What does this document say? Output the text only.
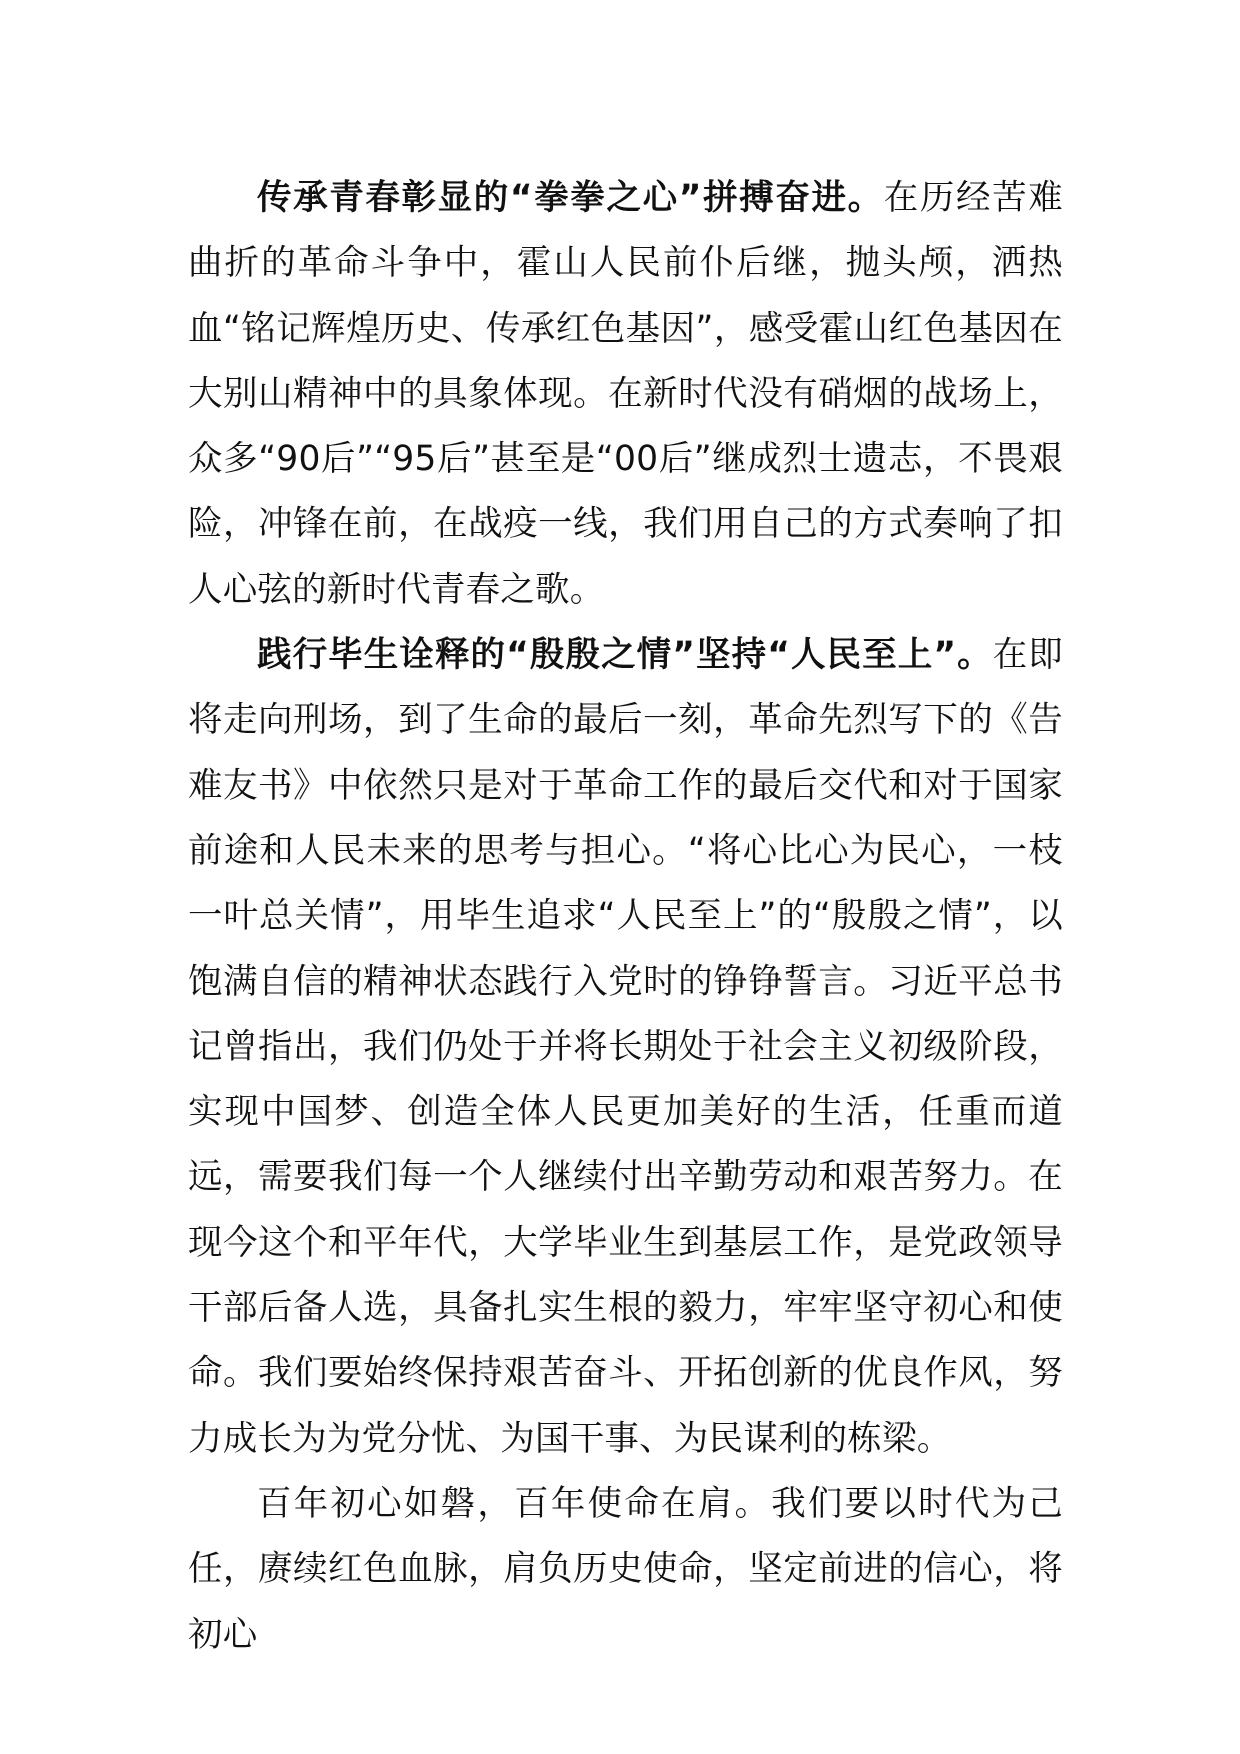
传承青春彰显的“拳拳之心”拼搏奋进。在历经苦难曲折的革命斗争中，霍山人民前仆后继，抛头颅，洒热血“铭记辉煌历史、传承红色基因”，感受霍山红色基因在大别山精神中的具象体现。在新时代没有硝烟的战场上，众多“90后”“95后”甚至是“00后”继成烈士遗志，不畏艰险，冲锋在前，在战疫一线，我们用自己的方式奏响了扣人心弦的新时代青春之歌。

践行毕生诠释的“殷殷之情”坚持“人民至上”。在即将走向刑场，到了生命的最后一刻，革命先烈写下的《告难友书》中依然只是对于革命工作的最后交代和对于国家前途和人民未来的思考与担心。“将心比心为民心，一枝一叶总关情”，用毕生追求“人民至上”的“殷殷之情”，以饱满自信的精神状态践行入党时的铮铮誓言。习近平总书记曾指出，我们仍处于并将长期处于社会主义初级阶段，实现中国梦、创造全体人民更加美好的生活，任重而道远，需要我们每一个人继续付出辛勤劳动和艰苦努力。在现今这个和平年代，大学毕业生到基层工作，是党政领导干部后备人选，具备扎实生根的毅力，牢牢坚守初心和使命。我们要始终保持艰苦奋斗、开拓创新的优良作风，努力成长为为党分忧、为国干事、为民谋利的栋梁。

百年初心如磐，百年使命在肩。我们要以时代为己任，赓续红色血脉，肩负历史使命，坚定前进的信心，将初心
